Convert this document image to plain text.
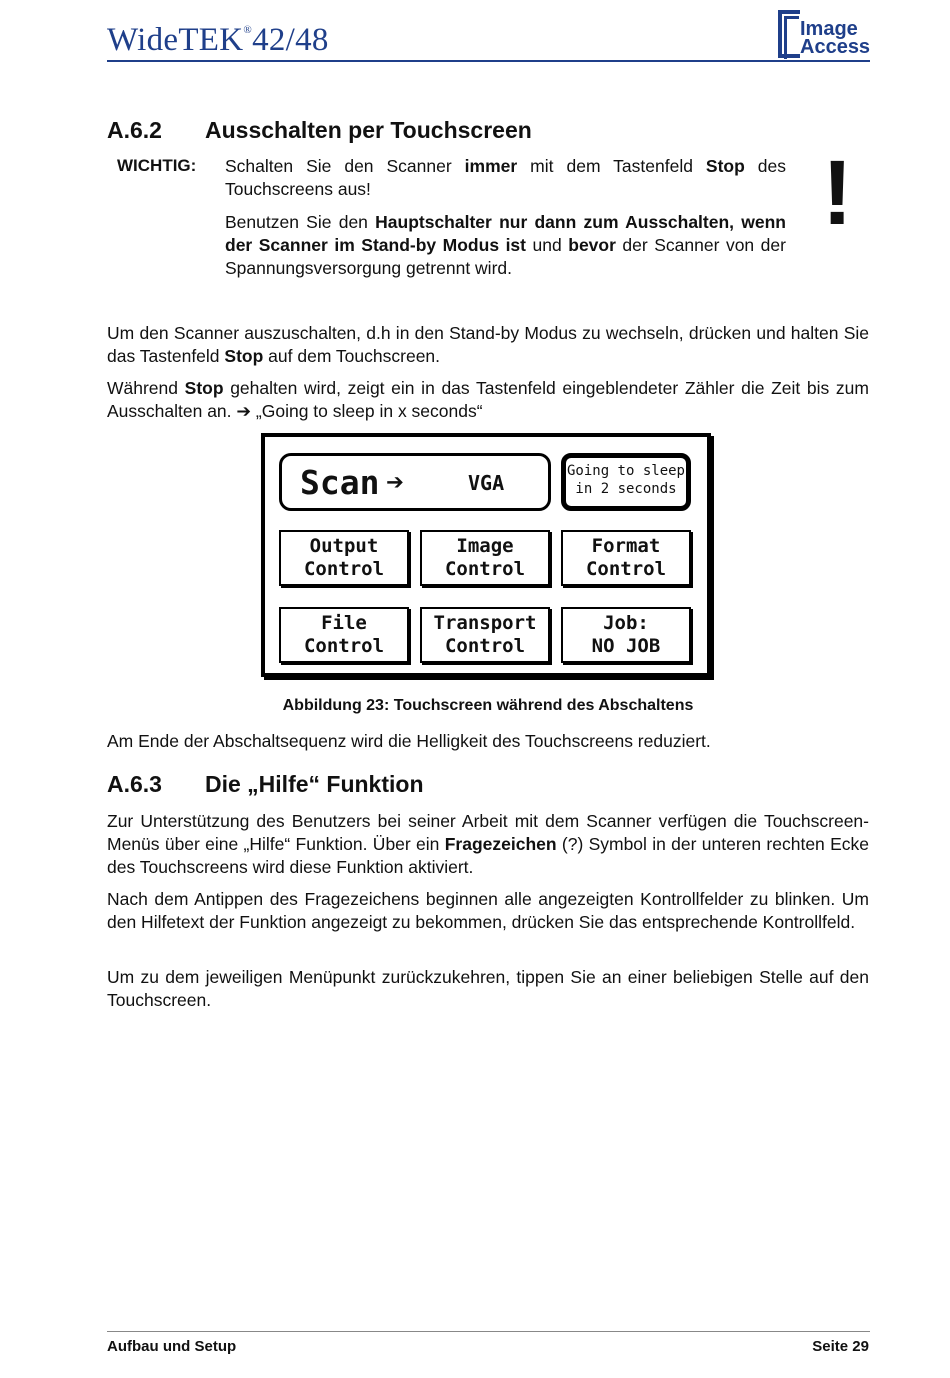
WideTEK®42/48	Image
Access
A.6.2 Ausschalten per Touchscreen
WICHTIG: Schalten Sie den Scanner immer mit dem Tastenfeld Stop des Touchscreens aus!
Benutzen Sie den Hauptschalter nur dann zum Ausschalten, wenn der Scanner im Stand-by Modus ist und bevor der Scanner von der Spannungsversorgung getrennt wird.
!
Um den Scanner auszuschalten, d.h in den Stand-by Modus zu wechseln, drücken und halten Sie das Tastenfeld Stop auf dem Touchscreen.
Während Stop gehalten wird, zeigt ein in das Tastenfeld eingeblendeter Zähler die Zeit bis zum Ausschalten an. ➔ „Going to sleep in x seconds“
Scan ➔	VGA	Going to sleep
in 2 seconds
Output
Control
Image
Control
Format
Control
File
Control
Transport
Control
Job:
NO JOB
Abbildung 23: Touchscreen während des Abschaltens
Am Ende der Abschaltsequenz wird die Helligkeit des Touchscreens reduziert.
A.6.3 Die „Hilfe“ Funktion
Zur Unterstützung des Benutzers bei seiner Arbeit mit dem Scanner verfügen die Touchscreen-Menüs über eine „Hilfe“ Funktion. Über ein Fragezeichen (?) Symbol in der unteren rechten Ecke des Touchscreens wird diese Funktion aktiviert.
Nach dem Antippen des Fragezeichens beginnen alle angezeigten Kontrollfelder zu blinken. Um den Hilfetext der Funktion angezeigt zu bekommen, drücken Sie das entsprechende Kontrollfeld.
Um zu dem jeweiligen Menüpunkt zurückzukehren, tippen Sie an einer beliebigen Stelle auf den Touchscreen.
Aufbau und Setup	Seite 29
